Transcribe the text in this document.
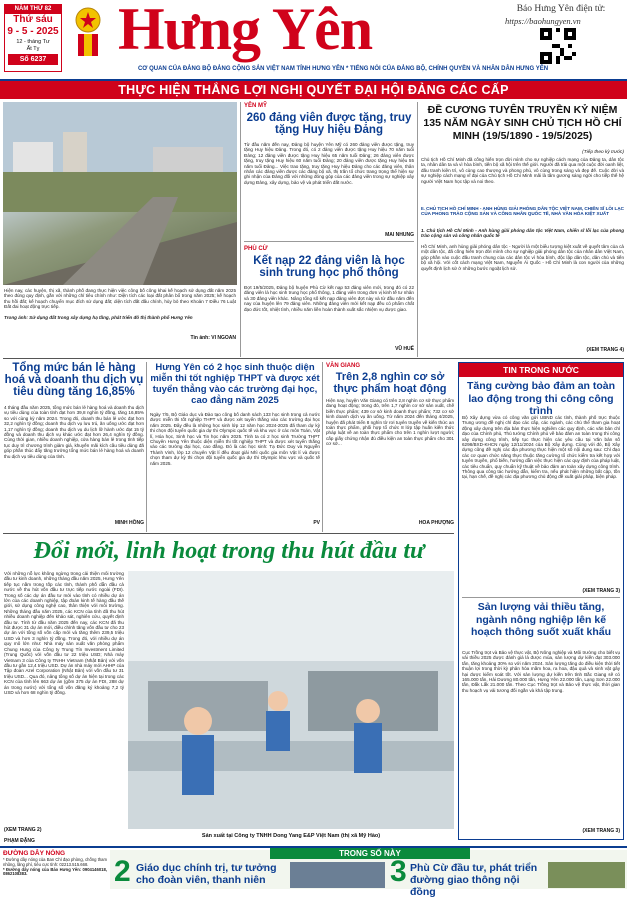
NĂM THỨ 82
Thứ sáu
9 - 5 - 2025
12 - tháng Tư
Ất Tỵ
Số 6237 Hưng Yên	Báo Hưng Yên điện tử:
https://baohungyen.vn
CƠ QUAN CỦA ĐẢNG BỘ ĐẢNG CỘNG SẢN VIỆT NAM TỈNH HƯNG YÊN * TIẾNG NÓI CỦA ĐẢNG BỘ, CHÍNH QUYỀN VÀ NHÂN DÂN HƯNG YÊN
THỰC HIỆN THẮNG LỢI NGHỊ QUYẾT ĐẠI HỘI ĐẢNG CÁC CẤP

Hiện nay, các huyện, thị xã, thành phố đang thực hiện việc công bố công khai kế hoạch sử dụng đất năm 2025 theo đúng quy định, gắn với những chỉ tiêu chính như: Diện tích các loại đất phân bổ trong năm 2025; kế hoạch thu hồi đất; kế hoạch chuyển mục đích sử dụng đất; diện tích đất đấu chính, hủy bỏ theo Khoản 7 Điều 76 Luật Đất đai hoạt động trực tiếp.

Trong ảnh: Sử dụng đất trong xây dựng hạ tầng, phát triển đô thị thành phố Hưng Yên

Tin ảnh: VI NGOAN
YÊN MỸ
260 đảng viên được tặng, truy tặng Huy hiệu Đảng

Từ đầu năm đến nay, Đảng bộ huyện Yên Mỹ có 260 đảng viên được tặng, truy tặng Huy hiệu Đảng. Trong đó, có 2 đảng viên được tặng Huy hiệu 70 năm tuổi Đảng; 12 đảng viên được tặng Huy hiệu 65 năm tuổi Đảng; 26 đảng viên được tặng, truy tặng Huy hiệu 60 năm tuổi Đảng; 20 đảng viên được tặng Huy hiệu 55 năm tuổi Đảng... Việc trao tặng, truy tặng Huy hiệu Đảng cho các đảng viên, thân nhân các đảng viên được các đảng bộ xã, thị trấn tổ chức trang trọng thể hiện sự ghi nhận của Đảng đối với những đóng góp của các đảng viên trong sự nghiệp xây dựng Đảng, xây dựng, bảo vệ và phát triển đất nước.

MAI NHUNG
PHÙ CỪ
Kết nạp 22 đảng viên là học sinh trung học phổ thông

Đợt 19/5/2025, Đảng bộ huyện Phù Cừ kết nạp 53 đảng viên mới, trong đó có 22 đảng viên là học sinh trung học phổ thông, 1 đảng viên trong đơn vị kinh tế tư nhân và 30 đảng viên khác. Nâng tổng số kết nạp đảng viên đợt này và từ đầu năm đến nay của huyện lên 79 đảng viên. Những đảng viên mới kết nạp đều có phẩm chất đạo đức tốt, nhiệt tình, nhiều năm liền hoàn thành xuất sắc nhiệm vụ được giao.

VŨ HUẾ
ĐỀ CƯƠNG TUYÊN TRUYỀN KỶ NIỆM 135 NĂM NGÀY SINH CHỦ TỊCH HỒ CHÍ MINH (19/5/1890 - 19/5/2025)
(Tiếp theo kỳ trước)

Chủ tịch Hồ Chí Minh đã cống hiến trọn đời mình cho sự nghiệp cách mạng của Đảng ta, dân tộc ta, nhân dân ta và vì hòa bình, tiến bộ xã hội trên thế giới. Người đã trải qua một cuộc đời oanh liệt, đấu tranh kiên trì, vô cùng cao thượng và phong phú, vô cùng trong sáng và đẹp đẽ. Cuộc đời và sự nghiệp cách mạng vĩ đại của Chủ tịch Hồ Chí Minh mãi là tấm gương sáng ngời cho tiếp thế hệ người Việt Nam học tập và noi theo.

II. CHỦ TỊCH HỒ CHÍ MINH - ANH HÙNG GIẢI PHÓNG DÂN TỘC VIỆT NAM, CHIẾN SĨ LỖI LẠC CỦA PHONG TRÀO CỘNG SẢN VÀ CÔNG NHÂN QUỐC TẾ, NHÀ VĂN HÓA KIỆT XUẤT

1. Chủ tịch Hồ Chí Minh - Anh hùng giải phóng dân tộc Việt Nam, chiến sĩ lỗi lạc của phong trào cộng sản và công nhân quốc tế

Hồ Chí Minh, anh hùng giải phóng dân tộc - Người là một biểu tượng kiệt xuất về quyết tâm của cả một dân tộc, đã cống hiến trọn đời mình cho sự nghiệp giải phóng dân tộc của nhân dân Việt Nam, góp phần vào cuộc đấu tranh chung của các dân tộc vì hòa bình, độc lập dân tộc, dân chủ và tiến bộ xã hội. Với cốt cách mạng Việt Nam, Nguyễn Ái Quốc - Hồ Chí Minh là con người của những quyết định lịch sử ở những bước ngoặt lịch sử.

(XEM TRANG 4)
Tổng mức bán lẻ hàng hoá và doanh thu dịch vụ tiêu dùng tăng 16,85%

4 tháng đầu năm 2025, tổng mức bán lẻ hàng hoá và doanh thu dịch vụ tiêu dùng của toàn tỉnh đạt hơn 39,8 nghìn tỷ đồng, tăng 16,85% so với cùng kỳ năm 2024. Trong đó, doanh thu bán lẻ ước đạt hơn 32,2 nghìn tỷ đồng; doanh thu dịch vụ lưu trú, ăn uống ước đạt hơn 1,17 nghìn tỷ đồng; doanh thu dịch vụ du lịch lữ hành ước đạt 15 tỷ đồng và doanh thu dịch vụ khác ước đạt hơn 26,4 nghìn tỷ đồng. Cùng thời gian, nhiều doanh nghiệp, cửa hàng bán lẻ trong tỉnh tiếp tục duy trì chương trình giảm giá, khuyến mãi kích cầu tiêu dùng đã góp phần thúc đẩy tăng trưởng tổng mức bán lẻ hàng hoá và doanh thu dịch vụ tiêu dùng của tỉnh.

MINH HỒNG
Hưng Yên có 2 học sinh thuộc diện miễn thi tốt nghiệp THPT và được xét tuyển thẳng vào các trường đại học, cao đẳng năm 2025

Ngày 7/5, Bộ Giáo dục và Đào tạo công bố danh sách 133 học sinh trong cả nước được miễn thi tốt nghiệp THPT và được xét tuyển thẳng vào các trường đại học năm 2025. Đây đều là những học sinh lớp 12 năm học 2024-2025 đã tham dự kỳ thi chọn đội tuyển quốc gia dự thi Olympic quốc tế và khu vực ở các môn Toán, Vật lí, Hóa học, Sinh học và Tin học năm 2025. Tỉnh ta có 2 học sinh Trường THPT Chuyên Hưng Yên thuộc diện miễn thi tốt nghiệp THPT và được xét tuyển thẳng vào các trường đại học, cao đẳng. Đó là các học sinh: Tạ Đức Duy và Nguyễn Thành Vinh, lớp 12 chuyên Vật lí đều đoạt giải Nhì quốc gia môn Vật lí và được chọn tham dự kỳ thi chọn đội tuyển quốc gia dự thi Olympic khu vực và quốc tế năm 2025.

PV
VĂN GIANG
Trên 2,8 nghìn cơ sở thực phẩm hoạt động

Hiện nay, huyện Văn Giang có trên 2,8 nghìn cơ sở thực phẩm đang hoạt động; trong đó, trên 1,7 nghìn cơ sở sản xuất, chế biến thực phẩm; 439 cơ sở kinh doanh thực phẩm; 732 cơ sở kinh doanh dịch vụ ăn uống. Từ năm 2024 đến tháng 4/2025, huyện đã phát triển 8 nghìn tờ rơi tuyên truyền về kiến thức an toàn thực phẩm, phối hợp tổ chức 8 lớp tập huấn kiến thức pháp luật về an toàn thực phẩm cho trên 1 nghìn lượt người; cấp giấy chứng nhận đủ điều kiện an toàn thực phẩm cho 301 cơ sở...

HOA PHƯỢNG
TIN TRONG NƯỚC
Tăng cường bảo đảm an toàn lao động trong thi công công trình

Bộ Xây dựng vừa có công văn gửi UBND các tỉnh, thành phố trực thuộc Trung ương đề nghị chỉ đạo các cấp, các ngành, các chủ thể tham gia hoạt động xây dựng trên địa bàn thực hiện nghiêm các quy định, các văn bản chỉ đạo của Chính phủ, Thủ tướng Chính phủ về bảo đảm an toàn trong thi công xây dựng công trình, tiếp tục thực hiện các yêu cầu tại Văn bản số 6298/BXD-KHCN ngày 12/11/2024 của Bộ Xây dựng. Cùng với đó, Bộ Xây dựng cũng đề nghị các địa phương thực hiện một số nội dung sau: Chỉ đạo các cơ quan chức năng thực thuộc tăng cường tổ chức kiểm tra kết hợp với tuyên truyền, phổ biến, hướng dẫn việc thực hiện các quy định của pháp luật, các tiêu chuẩn, quy chuẩn kỹ thuật về bảo đảm an toàn xây dựng công trình. Thông qua công tác hướng dẫn, kiểm tra, nếu phát hiện những bất cập, tồn tại, hạn chế, đề nghị các địa phương chủ động đề xuất giải pháp, biện pháp.

(XEM TRANG 3)
Sản lượng vải thiều tăng, ngành nông nghiệp lên kế hoạch thông suốt xuất khẩu

Cục Trồng trọt và Bảo vệ thực vật, Bộ Nông nghiệp và Môi trường cho biết vụ vải thiều 2025 được đánh giá là được mùa, sản lượng dự kiến đạt 303.000 tấn, tăng khoảng 30% so với năm 2024. Sản lượng tăng do điều kiện thời tiết thuận lợi trong thời kỳ phân hóa mầm hoa, ra hoa, đậu quả và sinh vật gây hại được kiểm soát tốt. Với sản lượng dự kiến trên tỉnh Bắc Giang sẽ có 165.000 tấn, Hải Dương 80.000 tấn, Hưng Yên 22.000 tấn, Lạng Sơn 22.000 tấn, Đắk Lắk 21.000 tấn. Theo Cục Trồng trọt và Bảo vệ thực vật, thời gian thu hoạch vụ vải tương đối ngắn và khá tập trung.

(XEM TRANG 3)
Đổi mới, linh hoạt trong thu hút đầu tư

Với những nỗ lực không ngừng trong cải thiện môi trường đầu tư kinh doanh, những tháng đầu năm 2025, Hưng Yên tiếp tục nằm trong tốp các tỉnh, thành phố dẫn đầu cả nước về thu hút vốn đầu tư trực tiếp nước ngoài (FDI). Trong số các dự án đầu tư mới vào tỉnh có nhiều dự án lớn của các doanh nghiệp, tập đoàn kinh tế hàng đầu thế giới, sử dụng công nghệ cao, thân thiện với môi trường. Những tháng đầu năm 2025, các KCN của tỉnh đã thu hút nhiều doanh nghiệp đến khảo sát, nghiên cứu, quyết định đầu tư. Tính từ đầu năm 2025 đến nay, các KCN đã thu hút được 31 dự án mới, điều chỉnh tăng vốn đầu tư cho 23 dự án với tổng số vốn cấp mới và tăng thêm 239,5 triệu USD và hơn 3 nghìn tỷ đồng. Trong đó, với nhiều dự án quy mô lớn như: Nhà máy sản xuất văn phòng phẩm Chung Hung của Công ty Trung Tín Investment Limited (Trung Quốc) với vốn đầu tư 22 triệu USD; Nhà máy Vietnam 3 của Công ty TNHH Vietnam (Nhật Bản) với vốn đầu tư gần 12,4 triệu USD. Dự án nhà máy mới AHHP của Tập đoàn Azel Corporation (Nhật Bản) với vốn đầu tư 31 triệu USD... Qua đó, nâng tổng số dự án hiện tại trong các KCN của tỉnh lên 663 dự án (gồm 375 dự án FDI, 288 dự án trong nước) với tổng số vốn đăng ký khoảng 7,2 tỷ USD và hơn 68 nghìn tỷ đồng.

(XEM TRANG 2)
PHẠM ĐẶNG
Sản xuất tại Công ty TNHH Dong Yang E&P Việt Nam (thị xã Mỹ Hào)
ĐƯỜNG DÂY NÓNG

* Đường dây nóng của Ban Chỉ đạo phòng, chống tham nhũng, lãng phí, tiêu cực tỉnh: 02213.515.668.

* Đường dây nóng của Báo Hưng Yên: 0904146018, 0862108383.

TRONG SỐ NÀY
2 Giáo dục chính trị, tư tưởng cho đoàn viên, thanh niên	3 Phù Cừ đầu tư, phát triển đường giao thông nội đồng
